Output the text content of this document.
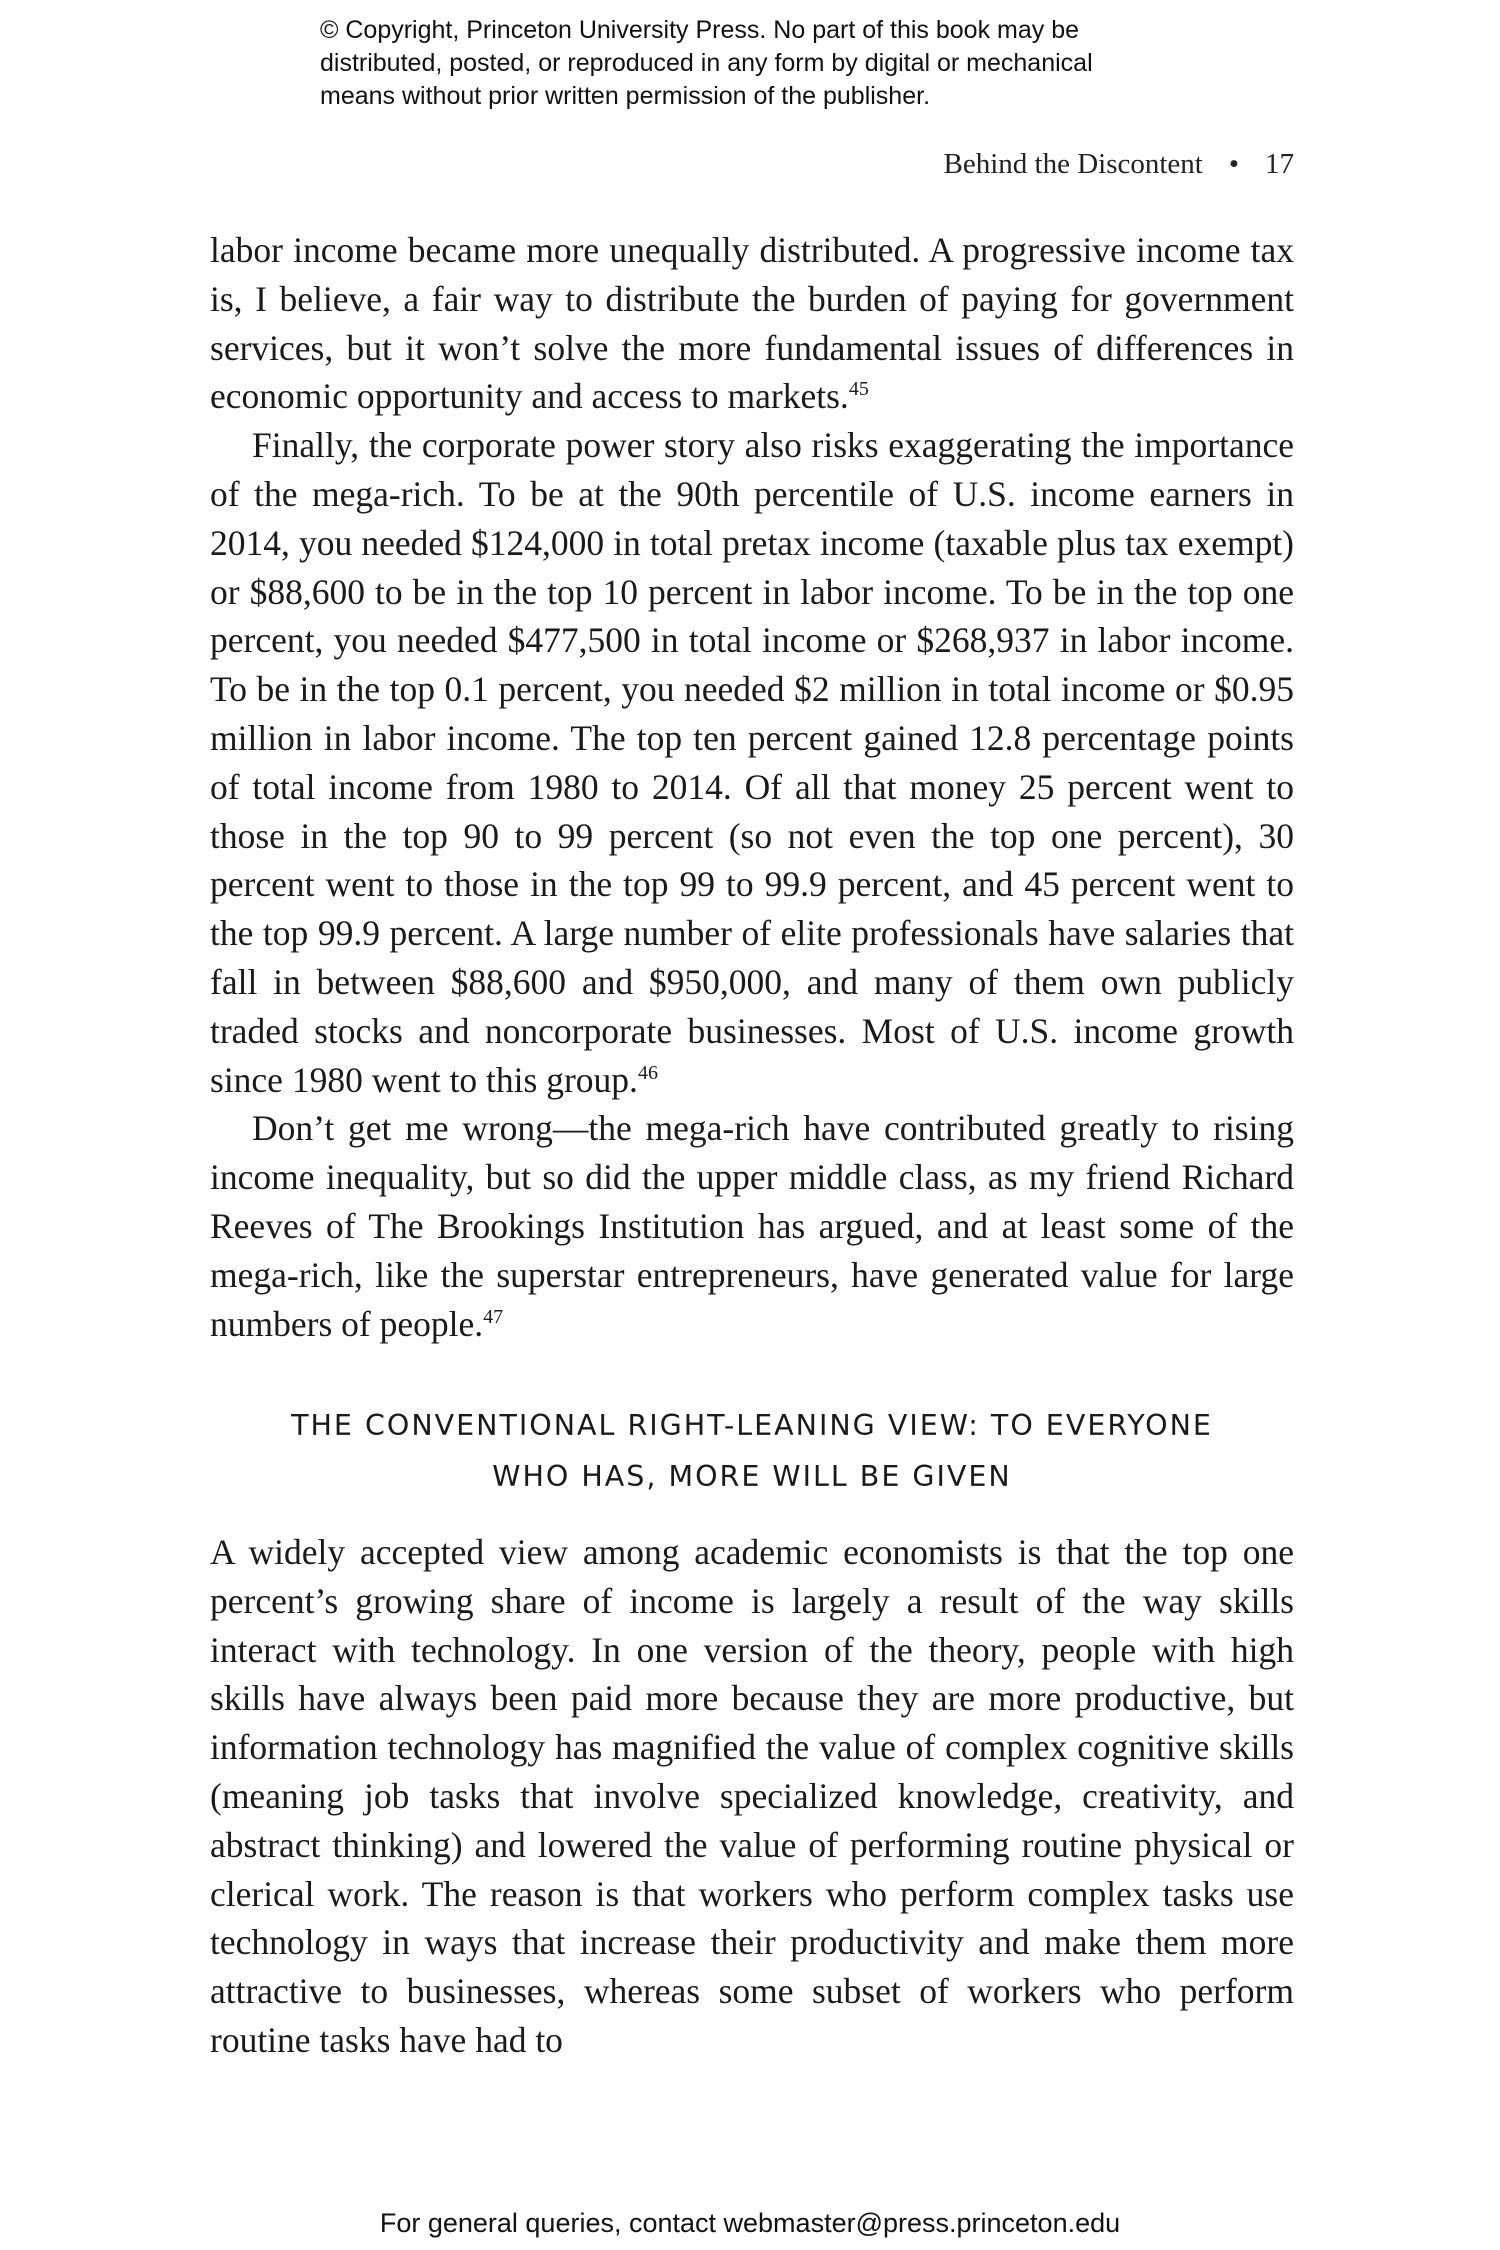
© Copyright, Princeton University Press. No part of this book may be
distributed, posted, or reproduced in any form by digital or mechanical
means without prior written permission of the publisher.
Behind the Discontent • 17

labor income became more unequally distributed. A progressive income tax is, I believe, a fair way to distribute the burden of paying for government services, but it won’t solve the more fundamental issues of differences in economic opportunity and access to markets.$^{45}$

Finally, the corporate power story also risks exaggerating the importance of the mega-rich. To be at the 90th percentile of U.S. income earners in 2014, you needed $124,000 in total pretax income (taxable plus tax exempt) or $88,600 to be in the top 10 percent in labor income. To be in the top one percent, you needed $477,500 in total income or $268,937 in labor income. To be in the top 0.1 percent, you needed $2 million in total income or $0.95 million in labor income. The top ten percent gained 12.8 percentage points of total income from 1980 to 2014. Of all that money 25 percent went to those in the top 90 to 99 percent (so not even the top one percent), 30 percent went to those in the top 99 to 99.9 percent, and 45 percent went to the top 99.9 percent. A large number of elite professionals have salaries that fall in between $88,600 and $950,000, and many of them own publicly traded stocks and noncorporate businesses. Most of U.S. income growth since 1980 went to this group.$^{46}$

Don’t get me wrong—the mega-rich have contributed greatly to rising income inequality, but so did the upper middle class, as my friend Richard Reeves of The Brookings Institution has argued, and at least some of the mega-rich, like the superstar entrepreneurs, have generated value for large numbers of people.$^{47}$

THE CONVENTIONAL RIGHT-LEANING VIEW: TO EVERYONE
WHO HAS, MORE WILL BE GIVEN

A widely accepted view among academic economists is that the top one percent’s growing share of income is largely a result of the way skills interact with technology. In one version of the theory, people with high skills have always been paid more because they are more productive, but information technology has magnified the value of complex cognitive skills (meaning job tasks that involve specialized knowledge, creativity, and abstract thinking) and lowered the value of performing routine physical or clerical work. The reason is that workers who perform complex tasks use technology in ways that increase their productivity and make them more attractive to businesses, whereas some subset of workers who perform routine tasks have had to

For general queries, contact webmaster@press.princeton.edu
